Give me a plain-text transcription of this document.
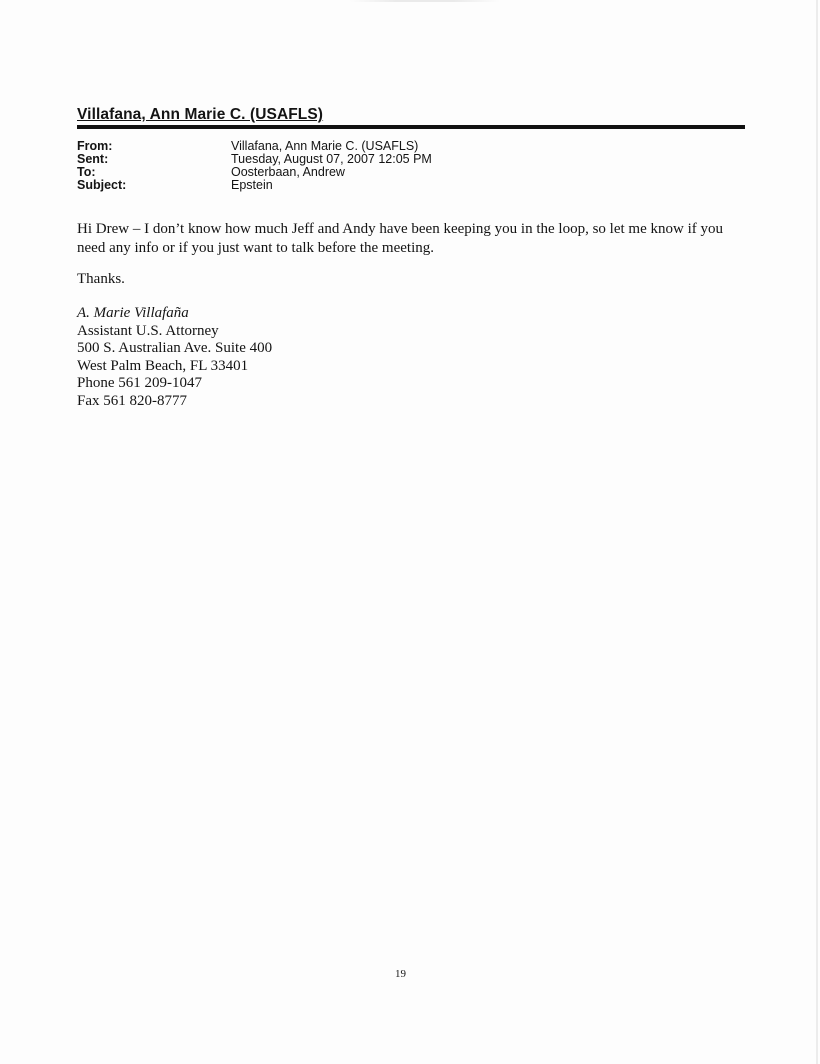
Villafana, Ann Marie C. (USAFLS)
From:	Villafana, Ann Marie C. (USAFLS)
Sent:	Tuesday, August 07, 2007 12:05 PM
To:	Oosterbaan, Andrew
Subject:	Epstein

Hi Drew – I don’t know how much Jeff and Andy have been keeping you in the loop, so let me know if you need any info or if you just want to talk before the meeting.

Thanks.
A. Marie Villafaña
Assistant U.S. Attorney
500 S. Australian Ave. Suite 400
West Palm Beach, FL 33401
Phone 561 209-1047
Fax 561 820-8777
19
